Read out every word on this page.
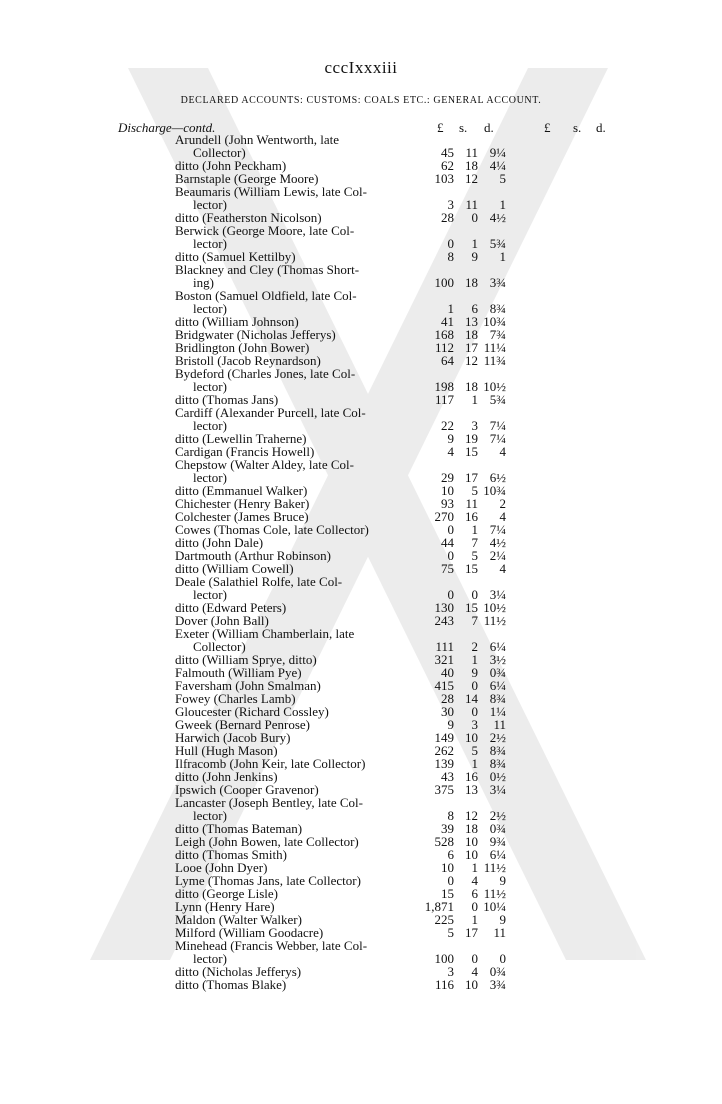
cccIxxxiii
DECLARED ACCOUNTS: CUSTOMS: COALS ETC.: GENERAL ACCOUNT.
Discharge—contd.	£ s. d.	£ s. d.
Arundell (John Wentworth, late
Collector)	45 11 9¼
ditto (John Peckham)	62 18 4¼
Barnstaple (George Moore)	103 12 5
Beaumaris (William Lewis, late Col-
lector)	3 11 1
ditto (Featherston Nicolson)	28 0 4½
Berwick (George Moore, late Col-
lector)	0 1 5¾
ditto (Samuel Kettilby)	8 9 1
Blackney and Cley (Thomas Short-
ing)	100 18 3¾
Boston (Samuel Oldfield, late Col-
lector)	1 6 8¾
ditto (William Johnson)	41 13 10¾
Bridgwater (Nicholas Jefferys)	168 18 7¾
Bridlington (John Bower)	112 17 11¼
Bristoll (Jacob Reynardson)	64 12 11¾
Bydeford (Charles Jones, late Col-
lector)	198 18 10½
ditto (Thomas Jans)	117 1 5¾
Cardiff (Alexander Purcell, late Col-
lector)	22 3 7¼
ditto (Lewellin Traherne)	9 19 7¼
Cardigan (Francis Howell)	4 15 4
Chepstow (Walter Aldey, late Col-
lector)	29 17 6½
ditto (Emmanuel Walker)	10 5 10¾
Chichester (Henry Baker)	93 11 2
Colchester (James Bruce)	270 16 4
Cowes (Thomas Cole, late Collector)	0 1 7¼
ditto (John Dale)	44 7 4½
Dartmouth (Arthur Robinson)	0 5 2¼
ditto (William Cowell)	75 15 4
Deale (Salathiel Rolfe, late Col-
lector)	0 0 3¼
ditto (Edward Peters)	130 15 10½
Dover (John Ball)	243 7 11½
Exeter (William Chamberlain, late
Collector)	111 2 6¼
ditto (William Sprye, ditto)	321 1 3½
Falmouth (William Pye)	40 9 0¾
Faversham (John Smalman)	415 0 6¼
Fowey (Charles Lamb)	28 14 8¾
Gloucester (Richard Cossley)	30 0 1¼
Gweek (Bernard Penrose)	9 3 11
Harwich (Jacob Bury)	149 10 2½
Hull (Hugh Mason)	262 5 8¾
Ilfracomb (John Keir, late Collector)	139 1 8¾
ditto (John Jenkins)	43 16 0½
Ipswich (Cooper Gravenor)	375 13 3¼
Lancaster (Joseph Bentley, late Col-
lector)	8 12 2½
ditto (Thomas Bateman)	39 18 0¾
Leigh (John Bowen, late Collector)	528 10 9¾
ditto (Thomas Smith)	6 10 6¼
Looe (John Dyer)	10 1 11½
Lyme (Thomas Jans, late Collector)	0 4 9
ditto (George Lisle)	15 6 11½
Lynn (Henry Hare)	1,871 0 10¼
Maldon (Walter Walker)	225 1 9
Milford (William Goodacre)	5 17 11
Minehead (Francis Webber, late Col-
lector)	100 0 0
ditto (Nicholas Jefferys)	3 4 0¾
ditto (Thomas Blake)	116 10 3¾
